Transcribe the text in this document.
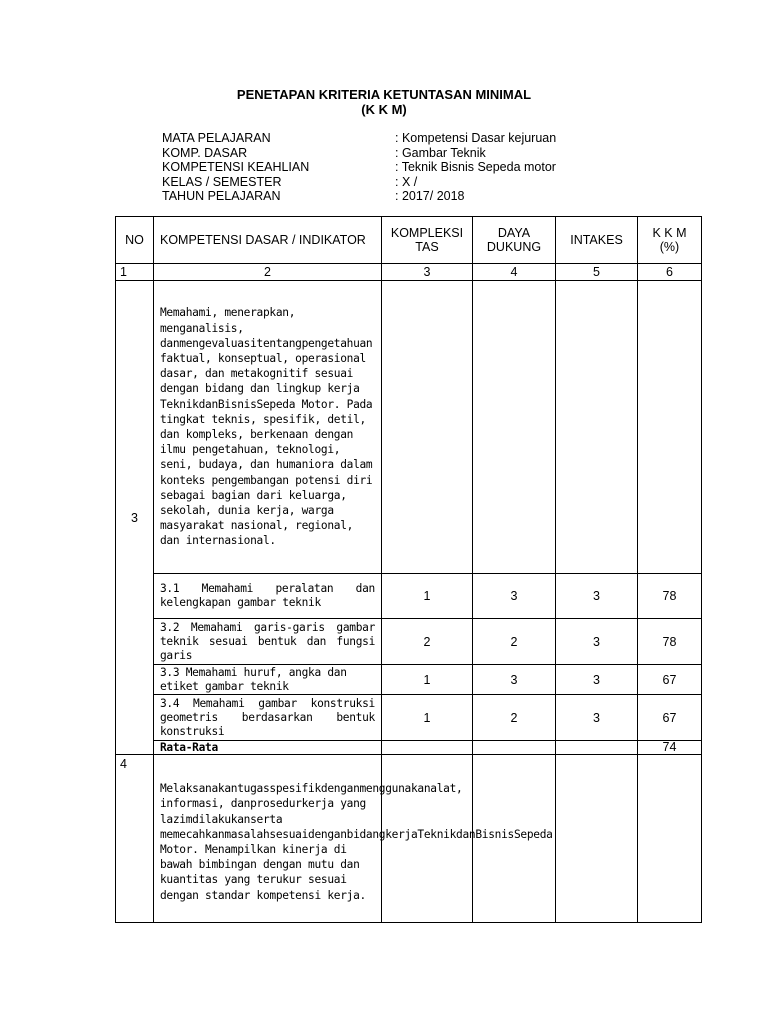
PENETAPAN KRITERIA KETUNTASAN MINIMAL
(K K M)
MATA PELAJARAN	: Kompetensi Dasar kejuruan
KOMP. DASAR	: Gambar Teknik
KOMPETENSI KEAHLIAN	: Teknik Bisnis Sepeda motor
KELAS / SEMESTER	: X /
TAHUN PELAJARAN	: 2017/ 2018
NO	KOMPETENSI DASAR / INDIKATOR	KOMPLEKSI TAS	DAYA DUKUNG	INTAKES	K K M (%)
1	2	3	4	5	6
3	Memahami, menerapkan, menganalisis, danmengevaluasitentangpengetahuan faktual, konseptual, operasional dasar, dan metakognitif sesuai dengan bidang dan lingkup kerja TeknikdanBisnisSepeda Motor. Pada tingkat teknis, spesifik, detil, dan kompleks, berkenaan dengan ilmu pengetahuan, teknologi, seni, budaya, dan humaniora dalam konteks pengembangan potensi diri sebagai bagian dari keluarga, sekolah, dunia kerja, warga masyarakat nasional, regional, dan internasional.				
	3.1 Memahami peralatan dan kelengkapan gambar teknik	1	3	3	78
	3.2 Memahami garis-garis gambar teknik sesuai bentuk dan fungsi garis	2	2	3	78
	3.3 Memahami huruf, angka dan etiket gambar teknik	1	3	3	67
	3.4 Memahami gambar konstruksi geometris berdasarkan bentuk konstruksi	1	2	3	67
	Rata-Rata				74
4	Melaksanakantugasspesifikdenganmenggunakanalat, informasi, danprosedurkerja yang lazimdilakukanserta memecahkanmasalahsesuaidenganbidangkerjaTeknikdanBisnisSepeda Motor. Menampilkan kinerja di bawah bimbingan dengan mutu dan kuantitas yang terukur sesuai dengan standar kompetensi kerja.				
